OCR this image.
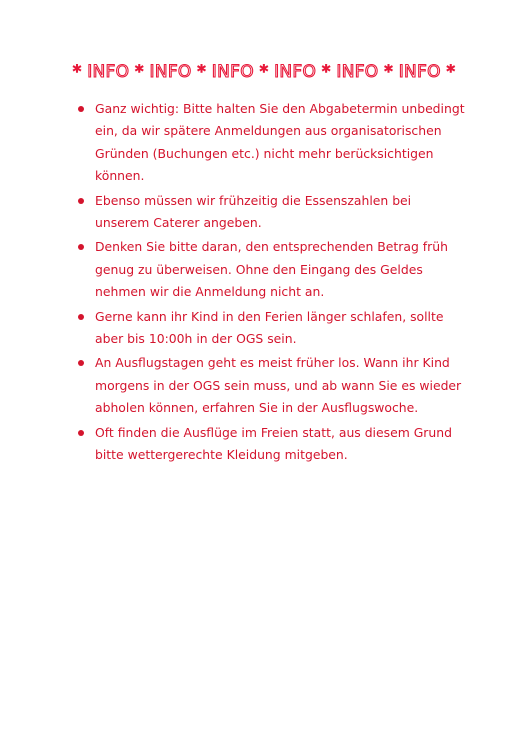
* INFO * INFO * INFO * INFO * INFO * INFO *
Ganz wichtig: Bitte halten Sie den Abgabetermin unbedingt ein, da wir spätere Anmeldungen aus organisatorischen Gründen (Buchungen etc.) nicht mehr berücksichtigen können.
Ebenso müssen wir frühzeitig die Essenszahlen bei unserem Caterer angeben.
Denken Sie bitte daran, den entsprechenden Betrag früh genug zu überweisen. Ohne den Eingang des Geldes nehmen wir die Anmeldung nicht an.
Gerne kann ihr Kind in den Ferien länger schlafen, sollte aber bis 10:00h in der OGS sein.
An Ausflugstagen geht es meist früher los. Wann ihr Kind morgens in der OGS sein muss, und ab wann Sie es wieder abholen können, erfahren Sie in der Ausflugswoche.
Oft finden die Ausflüge im Freien statt, aus diesem Grund bitte wettergerechte Kleidung mitgeben.
